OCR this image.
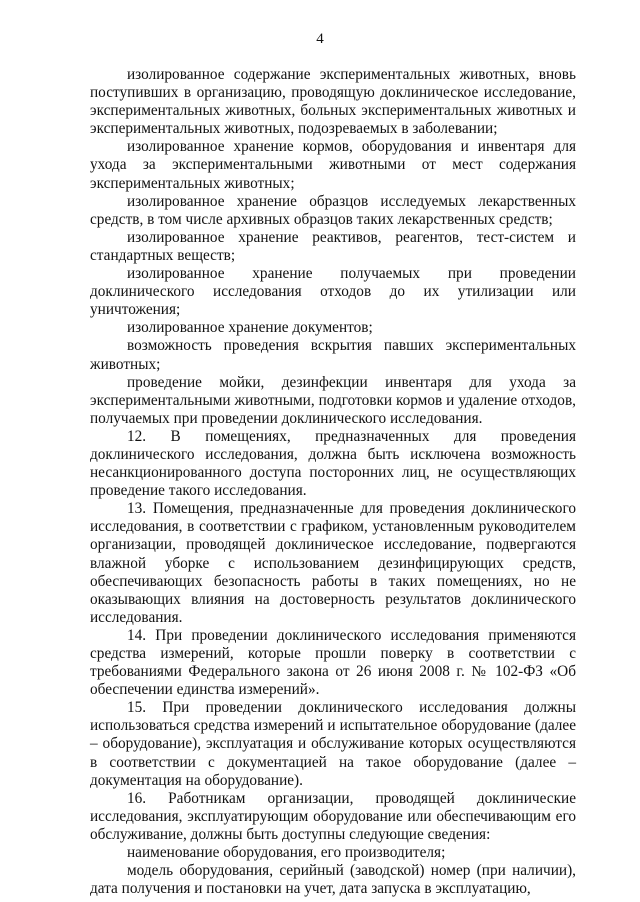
4

изолированное содержание экспериментальных животных, вновь поступивших в организацию, проводящую доклиническое исследование, экспериментальных животных, больных экспериментальных животных и экспериментальных животных, подозреваемых в заболевании;

изолированное хранение кормов, оборудования и инвентаря для ухода за экспериментальными животными от мест содержания экспериментальных животных;

изолированное хранение образцов исследуемых лекарственных средств, в том числе архивных образцов таких лекарственных средств;

изолированное хранение реактивов, реагентов, тест-систем и стандартных веществ;

изолированное хранение получаемых при проведении доклинического исследования отходов до их утилизации или уничтожения;

изолированное хранение документов;

возможность проведения вскрытия павших экспериментальных животных;

проведение мойки, дезинфекции инвентаря для ухода за экспериментальными животными, подготовки кормов и удаление отходов, получаемых при проведении доклинического исследования.

12. В помещениях, предназначенных для проведения доклинического исследования, должна быть исключена возможность несанкционированного доступа посторонних лиц, не осуществляющих проведение такого исследования.

13. Помещения, предназначенные для проведения доклинического исследования, в соответствии с графиком, установленным руководителем организации, проводящей доклиническое исследование, подвергаются влажной уборке с использованием дезинфицирующих средств, обеспечивающих безопасность работы в таких помещениях, но не оказывающих влияния на достоверность результатов доклинического исследования.

14. При проведении доклинического исследования применяются средства измерений, которые прошли поверку в соответствии с требованиями Федерального закона от 26 июня 2008 г. № 102-ФЗ «Об обеспечении единства измерений».

15. При проведении доклинического исследования должны использоваться средства измерений и испытательное оборудование (далее – оборудование), эксплуатация и обслуживание которых осуществляются в соответствии с документацией на такое оборудование (далее – документация на оборудование).

16. Работникам организации, проводящей доклинические исследования, эксплуатирующим оборудование или обеспечивающим его обслуживание, должны быть доступны следующие сведения:

наименование оборудования, его производителя;

модель оборудования, серийный (заводской) номер (при наличии), дата получения и постановки на учет, дата запуска в эксплуатацию,
